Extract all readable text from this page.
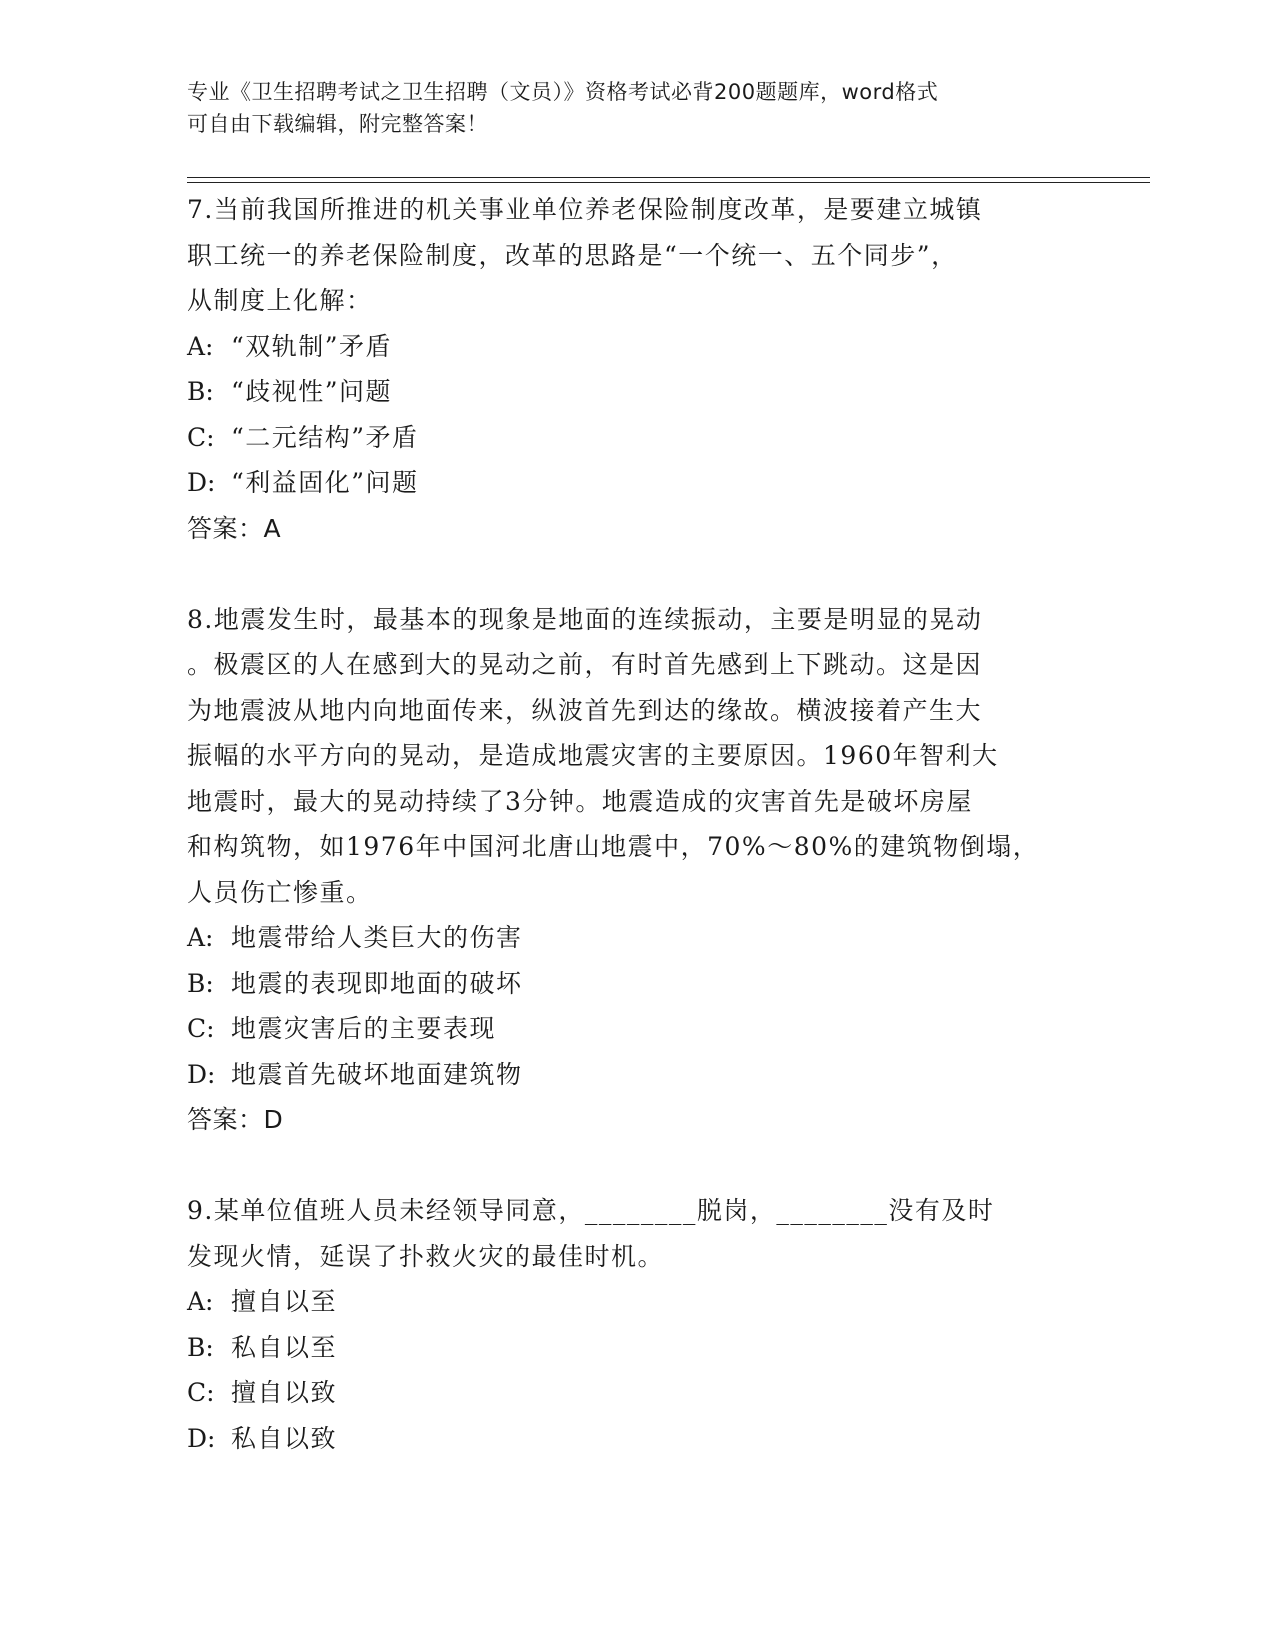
专业《卫生招聘考试之卫生招聘（文员）》资格考试必背200题题库，word格式
可自由下载编辑，附完整答案！
7.当前我国所推进的机关事业单位养老保险制度改革，是要建立城镇
职工统一的养老保险制度，改革的思路是“一个统一、五个同步”，
从制度上化解：
A: “双轨制”矛盾
B: “歧视性”问题
C: “二元结构”矛盾
D: “利益固化”问题
答案：A
8.地震发生时，最基本的现象是地面的连续振动，主要是明显的晃动
。极震区的人在感到大的晃动之前，有时首先感到上下跳动。这是因
为地震波从地内向地面传来，纵波首先到达的缘故。横波接着产生大
振幅的水平方向的晃动，是造成地震灾害的主要原因。1960年智利大
地震时，最大的晃动持续了3分钟。地震造成的灾害首先是破坏房屋
和构筑物，如1976年中国河北唐山地震中，70%～80%的建筑物倒塌，
人员伤亡惨重。
A: 地震带给人类巨大的伤害
B: 地震的表现即地面的破坏
C: 地震灾害后的主要表现
D: 地震首先破坏地面建筑物
答案：D
9.某单位值班人员未经领导同意，________脱岗，________没有及时
发现火情，延误了扑救火灾的最佳时机。
A: 擅自以至
B: 私自以至
C: 擅自以致
D: 私自以致
